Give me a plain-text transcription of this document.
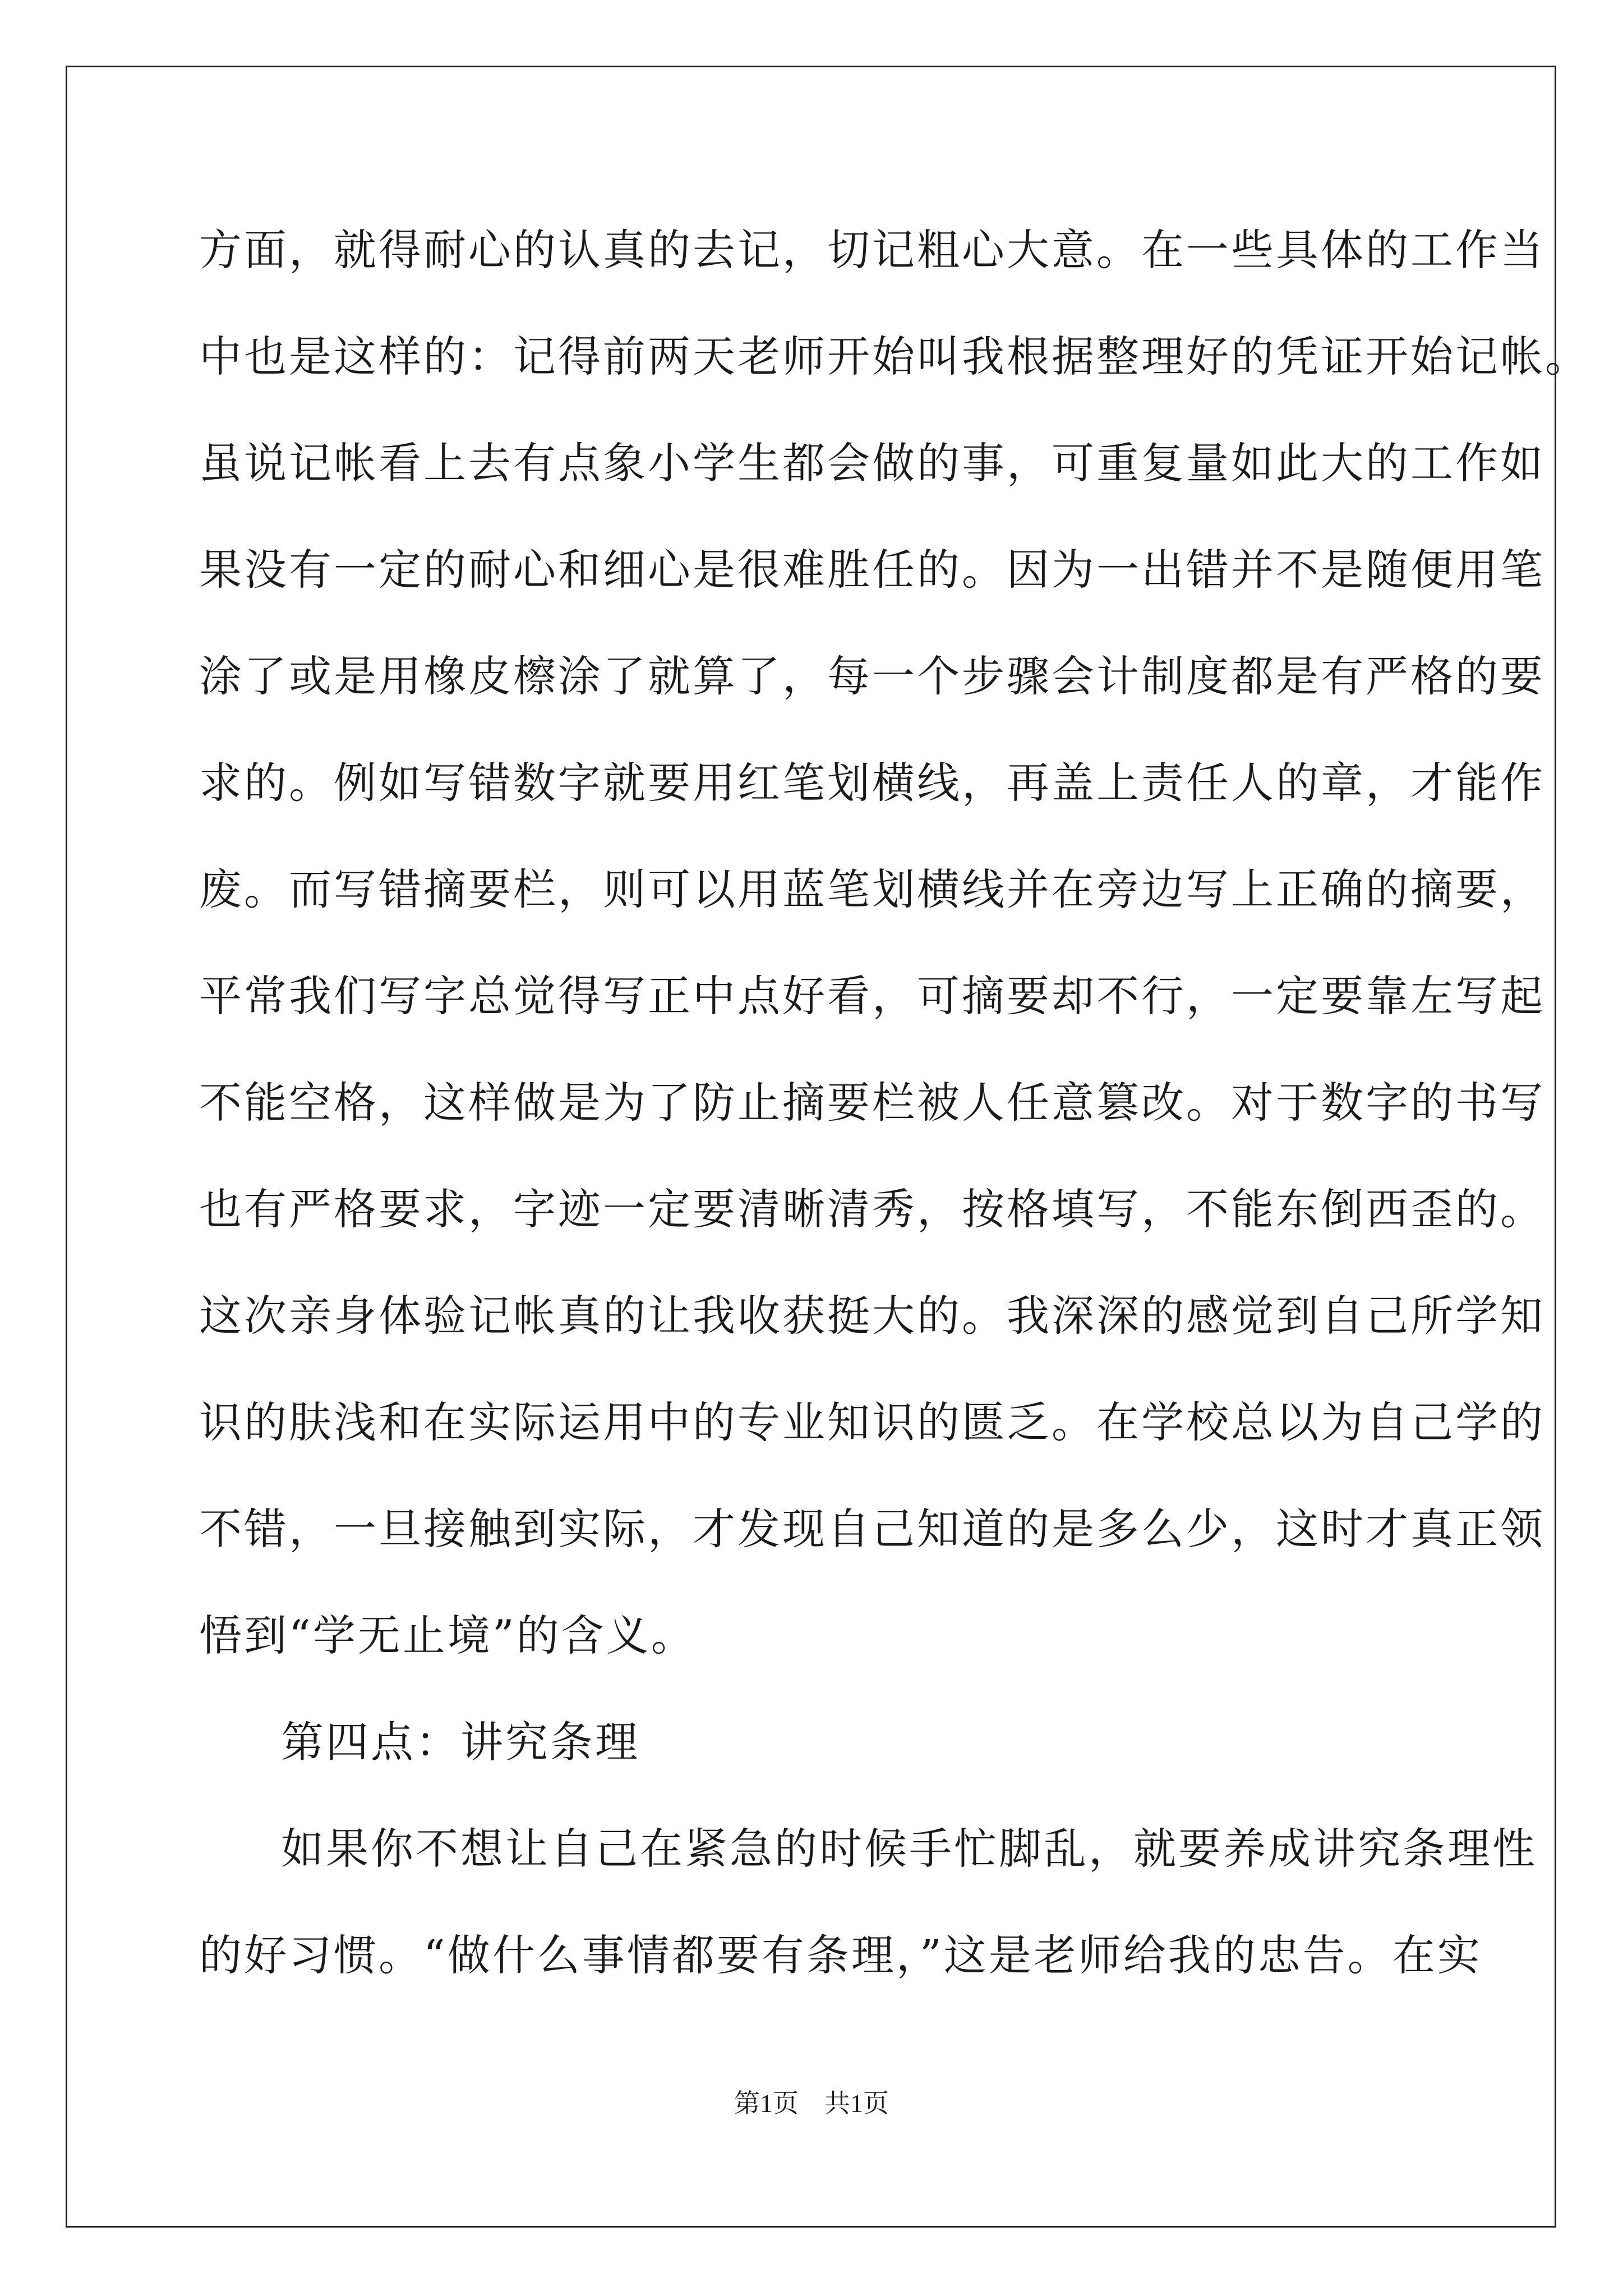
方面，就得耐心的认真的去记，切记粗心大意。在一些具体的工作当
中也是这样的：记得前两天老师开始叫我根据整理好的凭证开始记帐。
虽说记帐看上去有点象小学生都会做的事，可重复量如此大的工作如
果没有一定的耐心和细心是很难胜任的。因为一出错并不是随便用笔
涂了或是用橡皮檫涂了就算了，每一个步骤会计制度都是有严格的要
求的。例如写错数字就要用红笔划横线，再盖上责任人的章，才能作
废。而写错摘要栏，则可以用蓝笔划横线并在旁边写上正确的摘要，
平常我们写字总觉得写正中点好看，可摘要却不行，一定要靠左写起
不能空格，这样做是为了防止摘要栏被人任意篡改。对于数字的书写
也有严格要求，字迹一定要清晰清秀，按格填写，不能东倒西歪的。
这次亲身体验记帐真的让我收获挺大的。我深深的感觉到自己所学知
识的肤浅和在实际运用中的专业知识的匮乏。在学校总以为自己学的
不错，一旦接触到实际，才发现自己知道的是多么少，这时才真正领
悟到“学无止境”的含义。
第四点：讲究条理
如果你不想让自己在紧急的时候手忙脚乱，就要养成讲究条理性
的好习惯。“做什么事情都要有条理，”这是老师给我的忠告。在实
第1页　共1页
